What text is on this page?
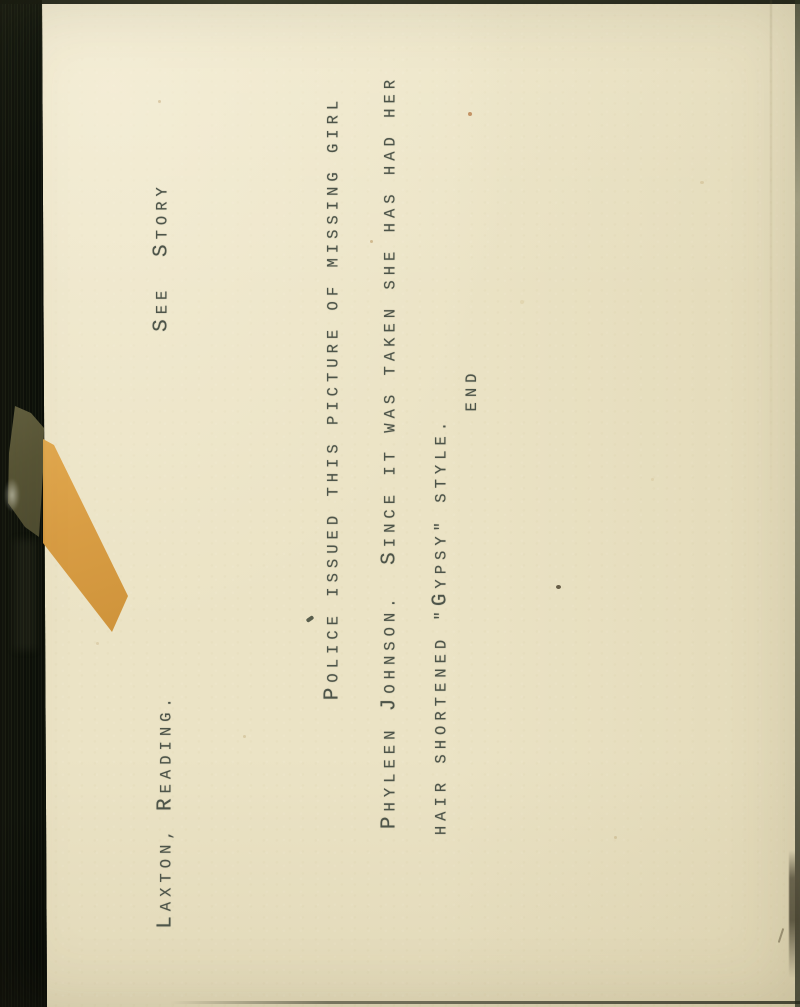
SEE  STORY
POLICE ISSUED THIS PICTURE OF MISSING GIRL
PHYLEEN JOHNSON.  SINCE IT WAS TAKEN SHE HAS HAD HER
HAIR SHORTENED "GYPSY" STYLE.
END
LAXTON, READING.
